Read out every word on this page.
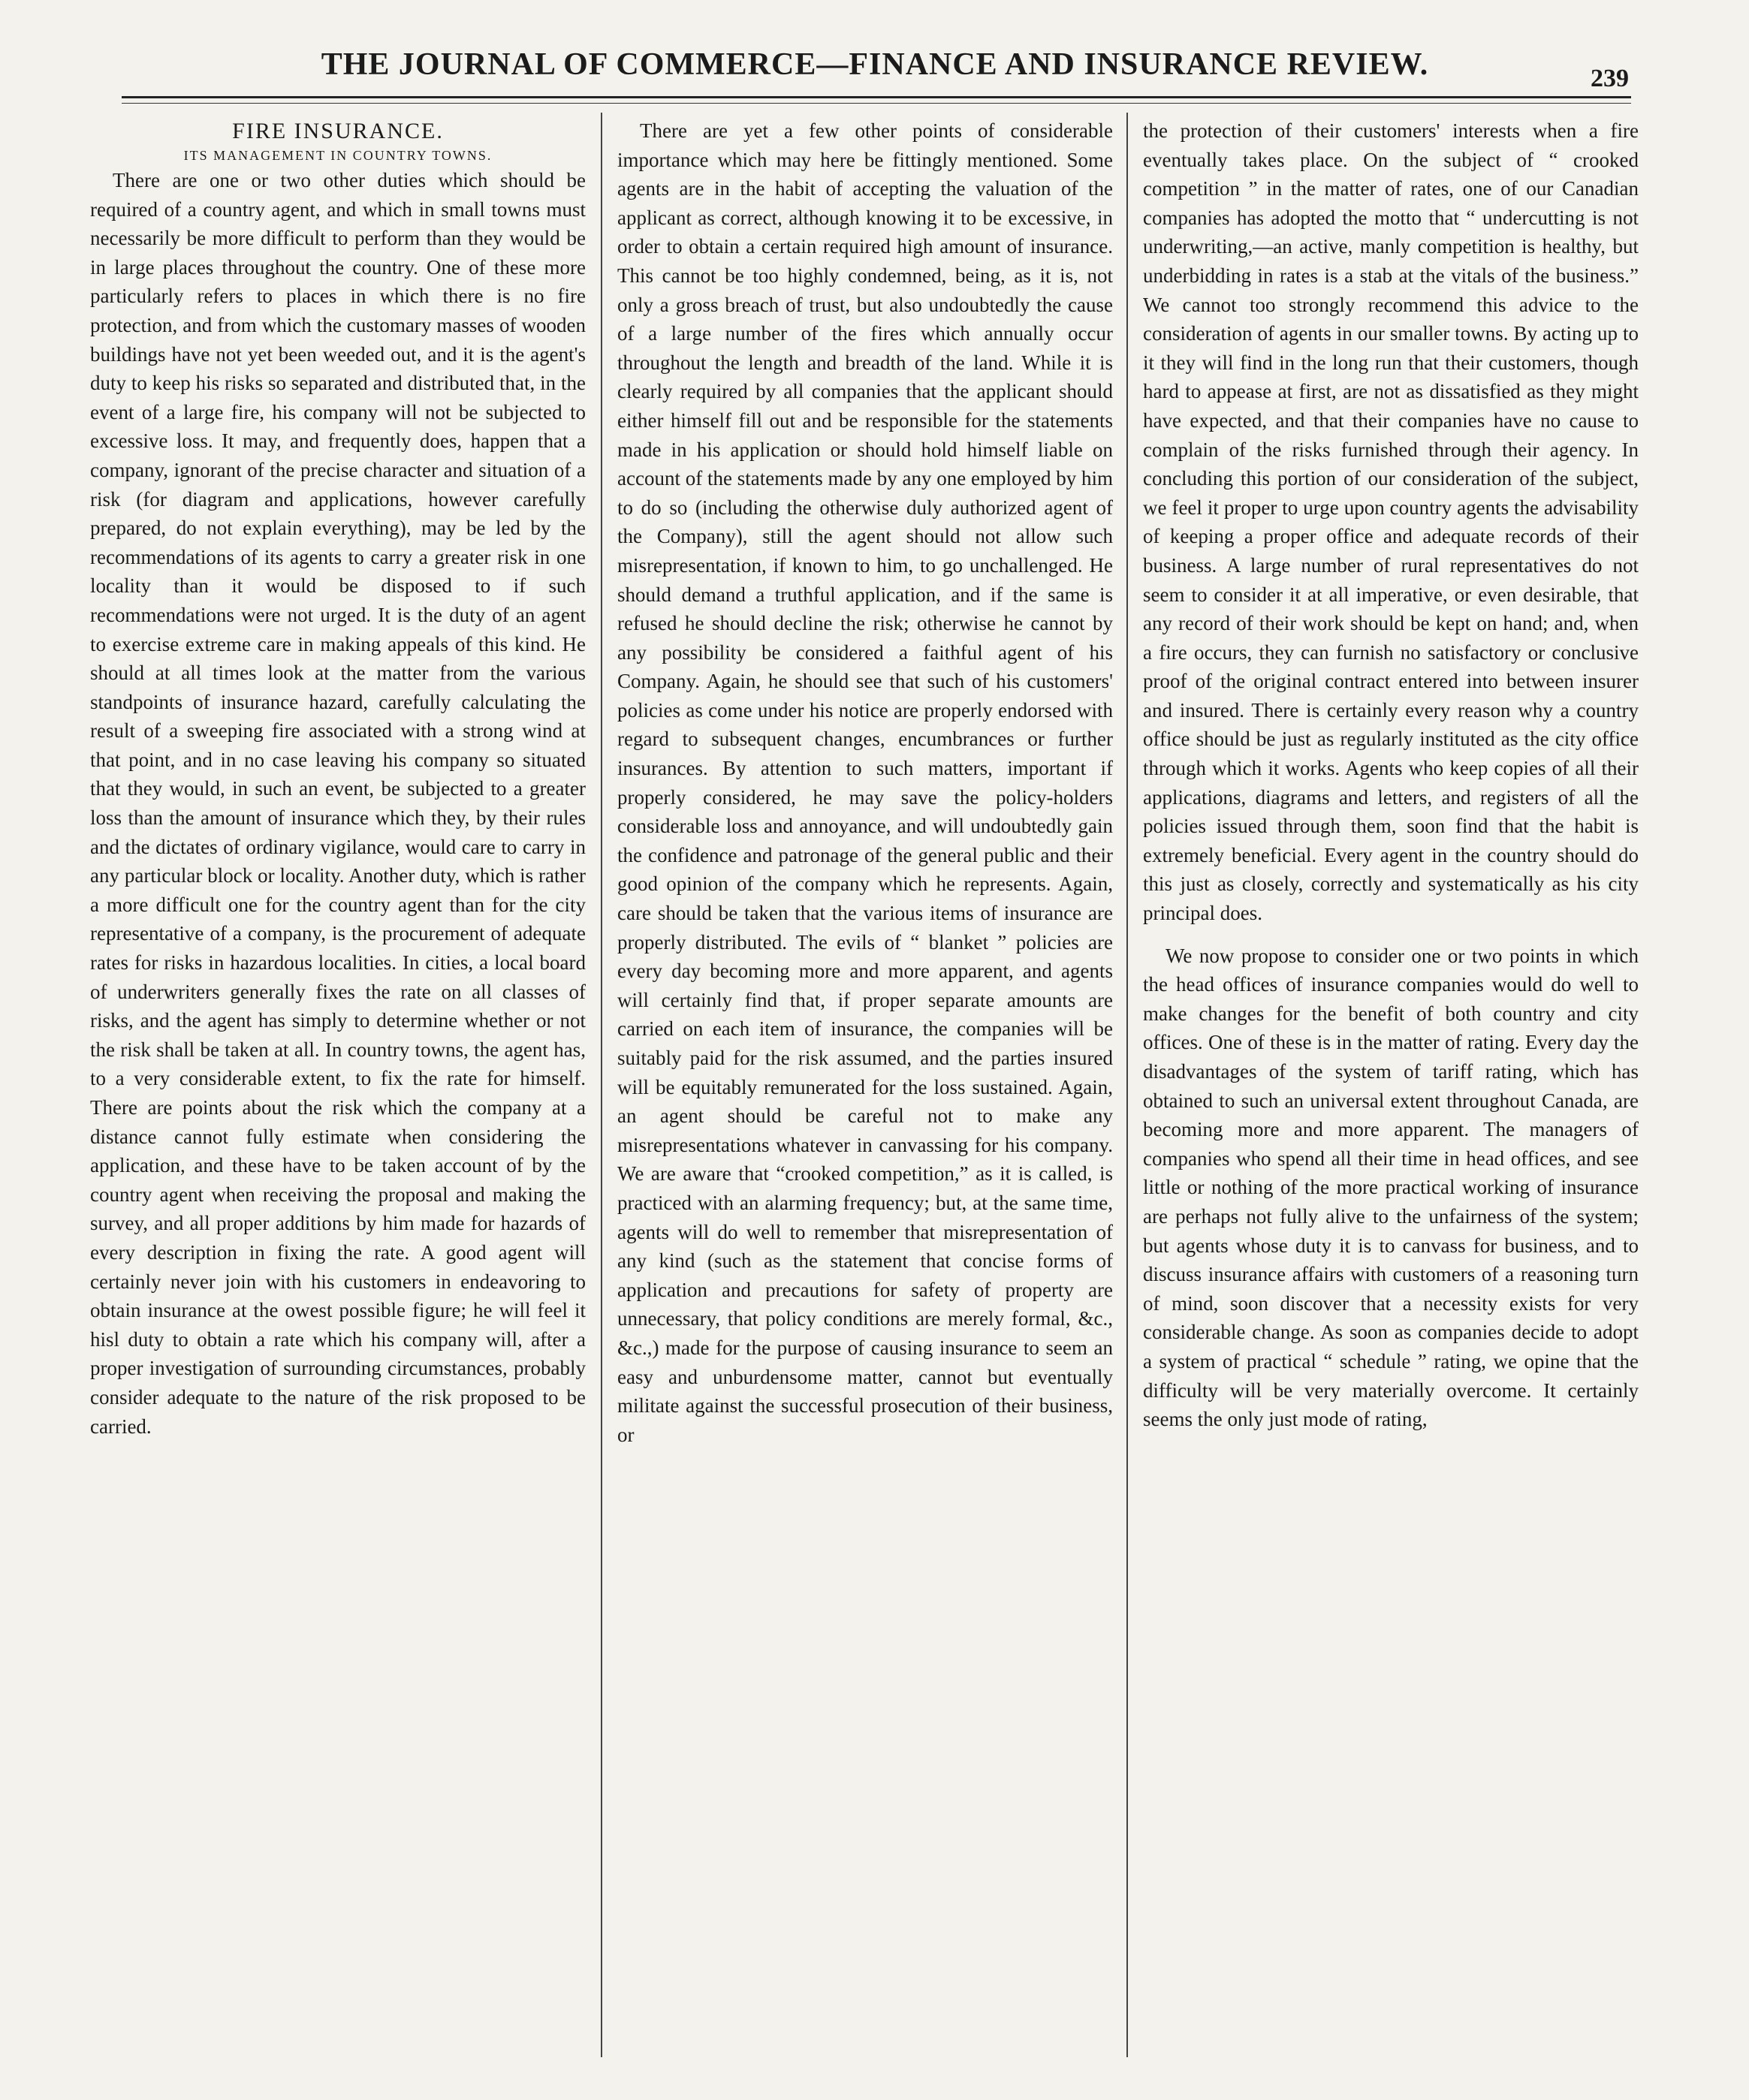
THE JOURNAL OF COMMERCE—FINANCE AND INSURANCE REVIEW.	239
FIRE INSURANCE.
ITS MANAGEMENT IN COUNTRY TOWNS.

There are one or two other duties which should be required of a country agent, and which in small towns must necessarily be more difficult to perform than they would be in large places throughout the country. One of these more particularly refers to places in which there is no fire protection, and from which the customary masses of wooden buildings have not yet been weeded out, and it is the agent's duty to keep his risks so separated and distributed that, in the event of a large fire, his company will not be subjected to excessive loss. It may, and frequently does, happen that a company, ignorant of the precise character and situation of a risk (for diagram and applications, however carefully prepared, do not explain everything), may be led by the recommendations of its agents to carry a greater risk in one locality than it would be disposed to if such recommendations were not urged. It is the duty of an agent to exercise extreme care in making appeals of this kind. He should at all times look at the matter from the various standpoints of insurance hazard, carefully calculating the result of a sweeping fire associated with a strong wind at that point, and in no case leaving his company so situated that they would, in such an event, be subjected to a greater loss than the amount of insurance which they, by their rules and the dictates of ordinary vigilance, would care to carry in any particular block or locality. Another duty, which is rather a more difficult one for the country agent than for the city representative of a company, is the procurement of adequate rates for risks in hazardous localities. In cities, a local board of underwriters generally fixes the rate on all classes of risks, and the agent has simply to determine whether or not the risk shall be taken at all. In country towns, the agent has, to a very considerable extent, to fix the rate for himself. There are points about the risk which the company at a distance cannot fully estimate when considering the application, and these have to be taken account of by the country agent when receiving the proposal and making the survey, and all proper additions by him made for hazards of every description in fixing the rate. A good agent will certainly never join with his customers in endeavoring to obtain insurance at the owest possible figure; he will feel it hisl duty to obtain a rate which his company will, after a proper investigation of surrounding circumstances, probably consider adequate to the nature of the risk proposed to be carried.

There are yet a few other points of considerable importance which may here be fittingly mentioned. Some agents are in the habit of accepting the valuation of the applicant as correct, although knowing it to be excessive, in order to obtain a certain required high amount of insurance. This cannot be too highly condemned, being, as it is, not only a gross breach of trust, but also undoubtedly the cause of a large number of the fires which annually occur throughout the length and breadth of the land. While it is clearly required by all companies that the applicant should either himself fill out and be responsible for the statements made in his application or should hold himself liable on account of the statements made by any one employed by him to do so (including the otherwise duly authorized agent of the Company), still the agent should not allow such misrepresentation, if known to him, to go unchallenged. He should demand a truthful application, and if the same is refused he should decline the risk; otherwise he cannot by any possibility be considered a faithful agent of his Company. Again, he should see that such of his customers' policies as come under his notice are properly endorsed with regard to subsequent changes, encumbrances or further insurances. By attention to such matters, important if properly considered, he may save the policy-holders considerable loss and annoyance, and will undoubtedly gain the confidence and patronage of the general public and their good opinion of the company which he represents. Again, care should be taken that the various items of insurance are properly distributed. The evils of “ blanket ” policies are every day becoming more and more apparent, and agents will certainly find that, if proper separate amounts are carried on each item of insurance, the companies will be suitably paid for the risk assumed, and the parties insured will be equitably remunerated for the loss sustained. Again, an agent should be careful not to make any misrepresentations whatever in canvassing for his company. We are aware that “crooked competition,” as it is called, is practiced with an alarming frequency; but, at the same time, agents will do well to remember that misrepresentation of any kind (such as the statement that concise forms of application and precautions for safety of property are unnecessary, that policy conditions are merely formal, &c., &c.,) made for the purpose of causing insurance to seem an easy and unburdensome matter, cannot but eventually militate against the successful prosecution of their business, or

the protection of their customers' interests when a fire eventually takes place. On the subject of “ crooked competition ” in the matter of rates, one of our Canadian companies has adopted the motto that “ undercutting is not underwriting,—an active, manly competition is healthy, but underbidding in rates is a stab at the vitals of the business.” We cannot too strongly recommend this advice to the consideration of agents in our smaller towns. By acting up to it they will find in the long run that their customers, though hard to appease at first, are not as dissatisfied as they might have expected, and that their companies have no cause to complain of the risks furnished through their agency. In concluding this portion of our consideration of the subject, we feel it proper to urge upon country agents the advisability of keeping a proper office and adequate records of their business. A large number of rural representatives do not seem to consider it at all imperative, or even desirable, that any record of their work should be kept on hand; and, when a fire occurs, they can furnish no satisfactory or conclusive proof of the original contract entered into between insurer and insured. There is certainly every reason why a country office should be just as regularly instituted as the city office through which it works. Agents who keep copies of all their applications, diagrams and letters, and registers of all the policies issued through them, soon find that the habit is extremely beneficial. Every agent in the country should do this just as closely, correctly and systematically as his city principal does.

We now propose to consider one or two points in which the head offices of insurance companies would do well to make changes for the benefit of both country and city offices. One of these is in the matter of rating. Every day the disadvantages of the system of tariff rating, which has obtained to such an universal extent throughout Canada, are becoming more and more apparent. The managers of companies who spend all their time in head offices, and see little or nothing of the more practical working of insurance are perhaps not fully alive to the unfairness of the system; but agents whose duty it is to canvass for business, and to discuss insurance affairs with customers of a reasoning turn of mind, soon discover that a necessity exists for very considerable change. As soon as companies decide to adopt a system of practical “ schedule ” rating, we opine that the difficulty will be very materially overcome. It certainly seems the only just mode of rating,
